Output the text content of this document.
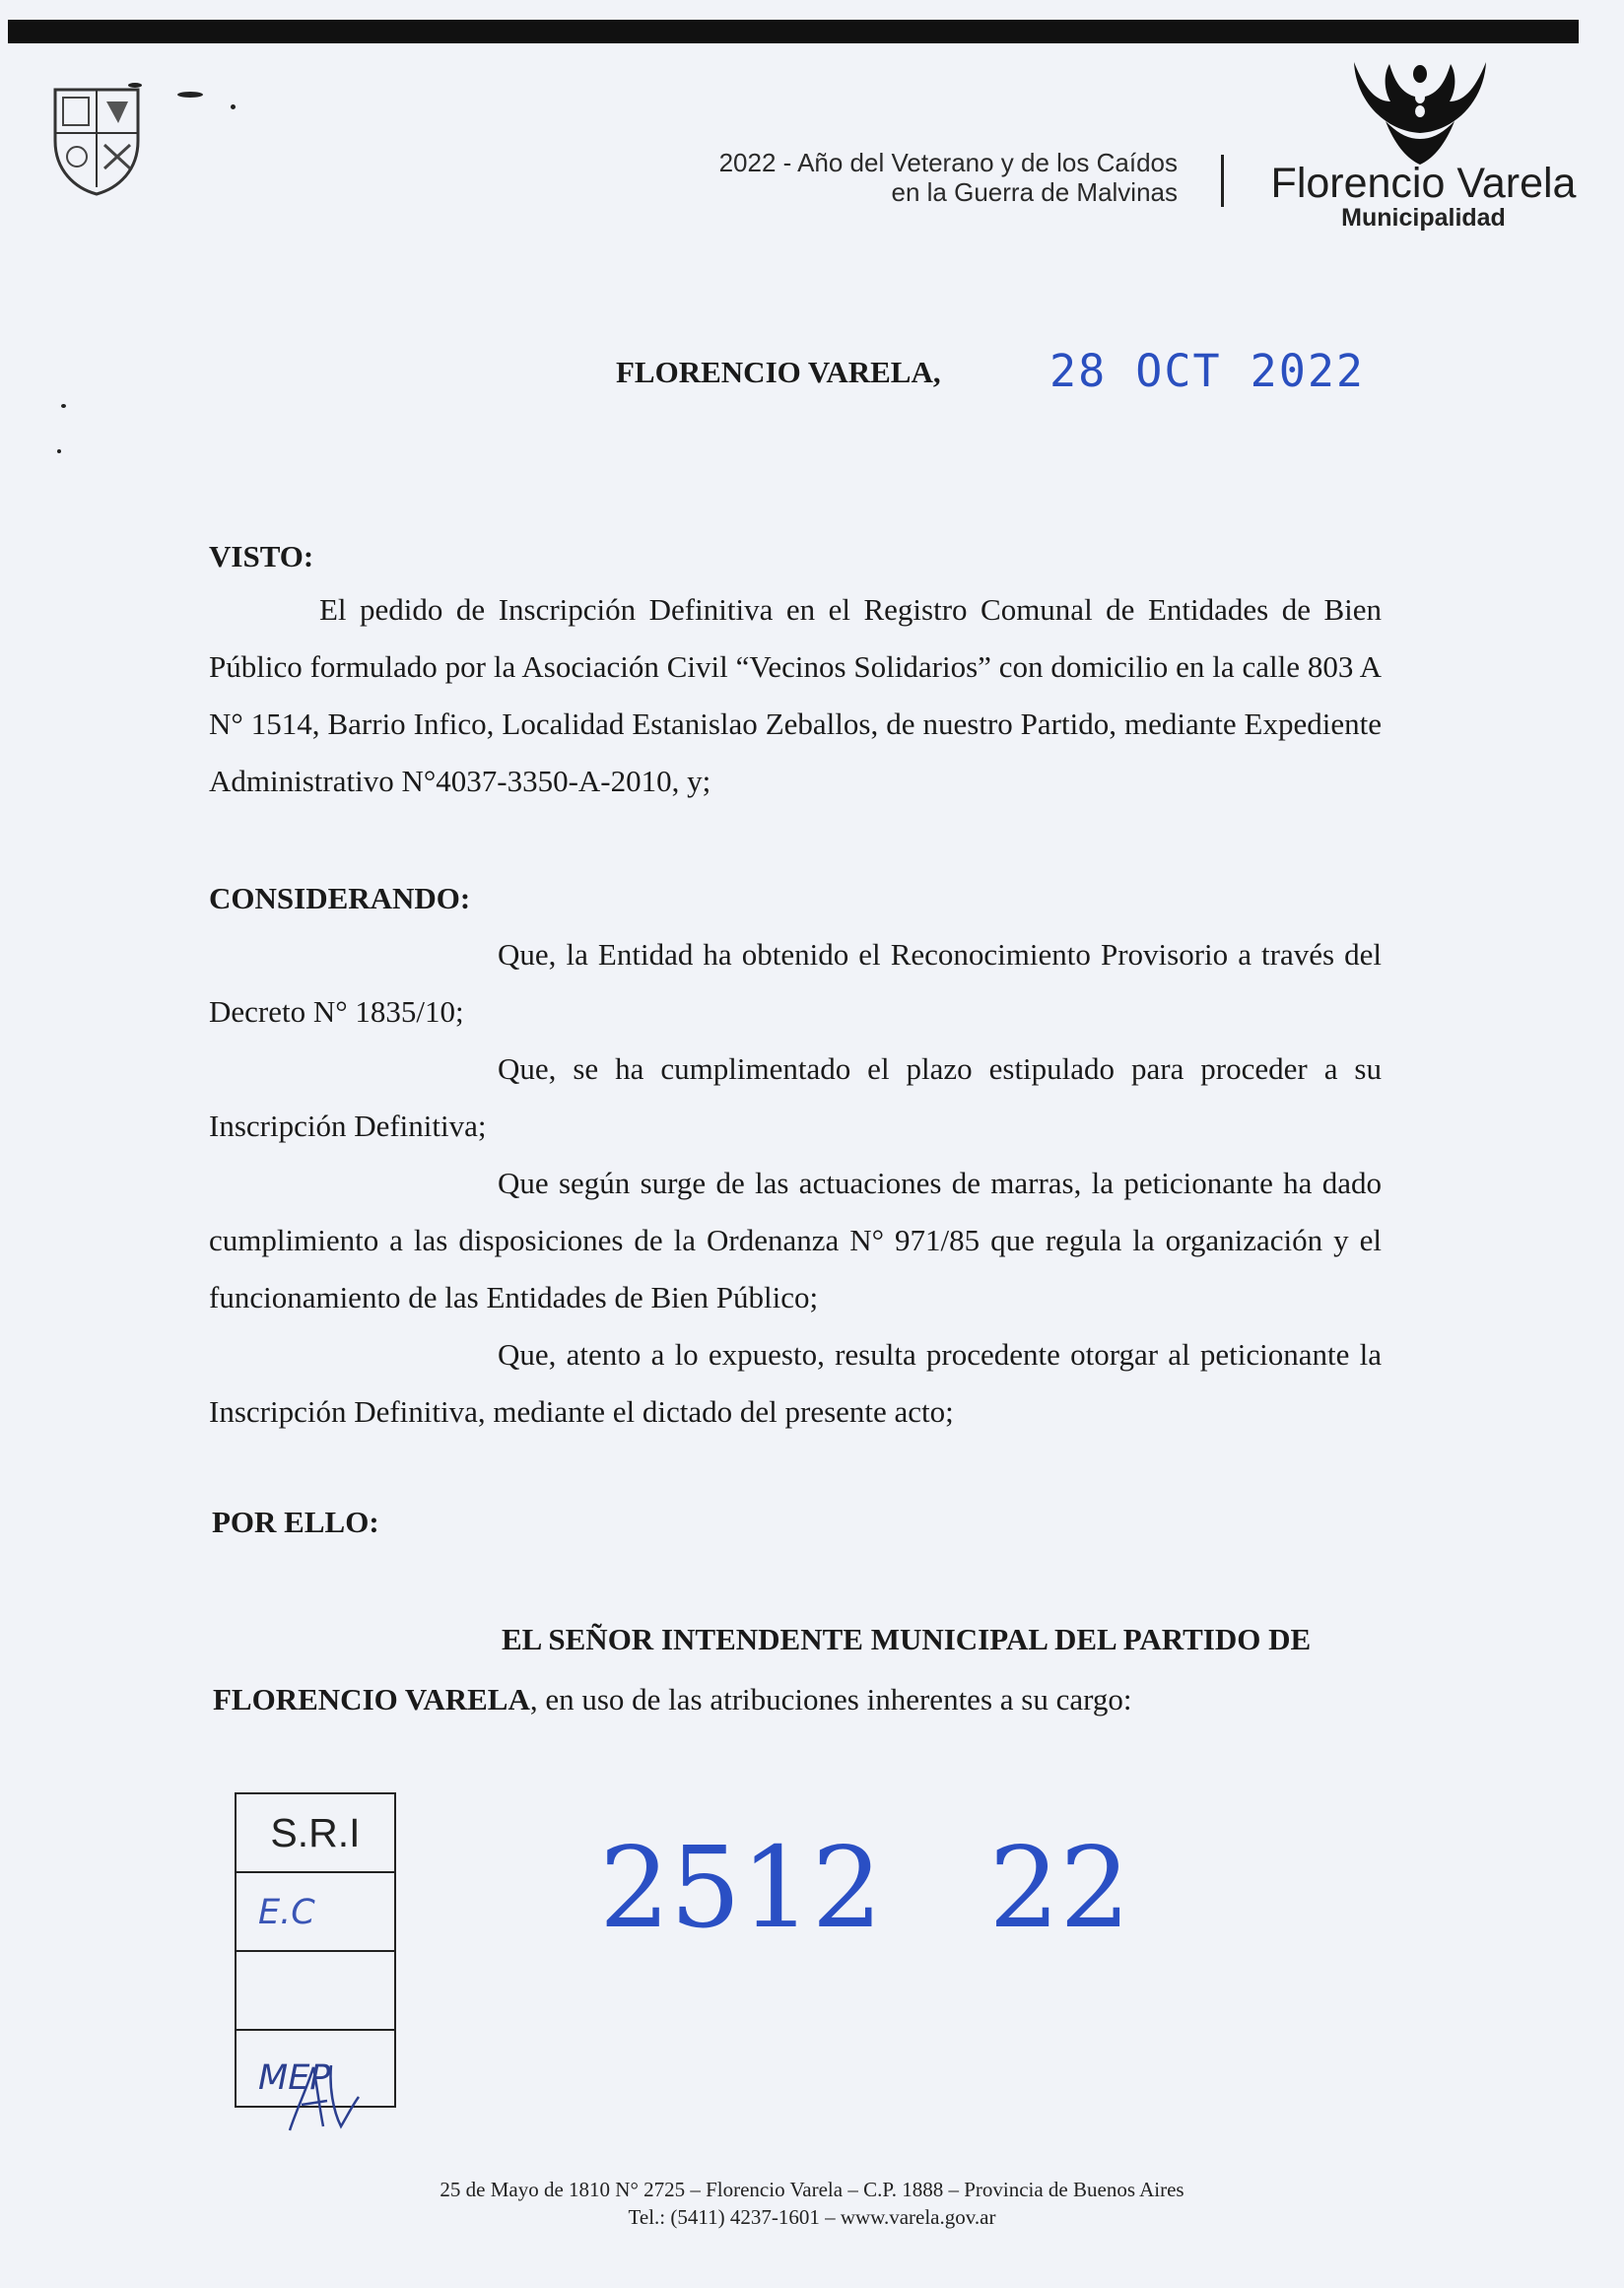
2022 - Año del Veterano y de los Caídos
en la Guerra de Malvinas Florencio Varela
Municipalidad
FLORENCIO VARELA, 28 OCT 2022
VISTO:

El pedido de Inscripción Definitiva en el Registro Comunal de Entidades de Bien Público formulado por la Asociación Civil “Vecinos Solidarios” con domicilio en la calle 803 A N° 1514, Barrio Infico, Localidad Estanislao Zeballos, de nuestro Partido, mediante Expediente Administrativo N°4037-3350-A-2010, y;

CONSIDERANDO:

Que, la Entidad ha obtenido el Reconocimiento Provisorio a través del Decreto N° 1835/10;

Que, se ha cumplimentado el plazo estipulado para proceder a su Inscripción Definitiva;

Que según surge de las actuaciones de marras, la peticionante ha dado cumplimiento a las disposiciones de la Ordenanza N° 971/85 que regula la organización y el funcionamiento de las Entidades de Bien Público;

Que, atento a lo expuesto, resulta procedente otorgar al peticionante la Inscripción Definitiva, mediante el dictado del presente acto;

POR ELLO:

EL SEÑOR INTENDENTE MUNICIPAL DEL PARTIDO DE FLORENCIO VARELA, en uso de las atribuciones inherentes a su cargo:

S.R.I
E.C
MEP
2512   22
25 de Mayo de 1810 N° 2725 – Florencio Varela – C.P. 1888 – Provincia de Buenos Aires
Tel.: (5411) 4237-1601 – www.varela.gov.ar
